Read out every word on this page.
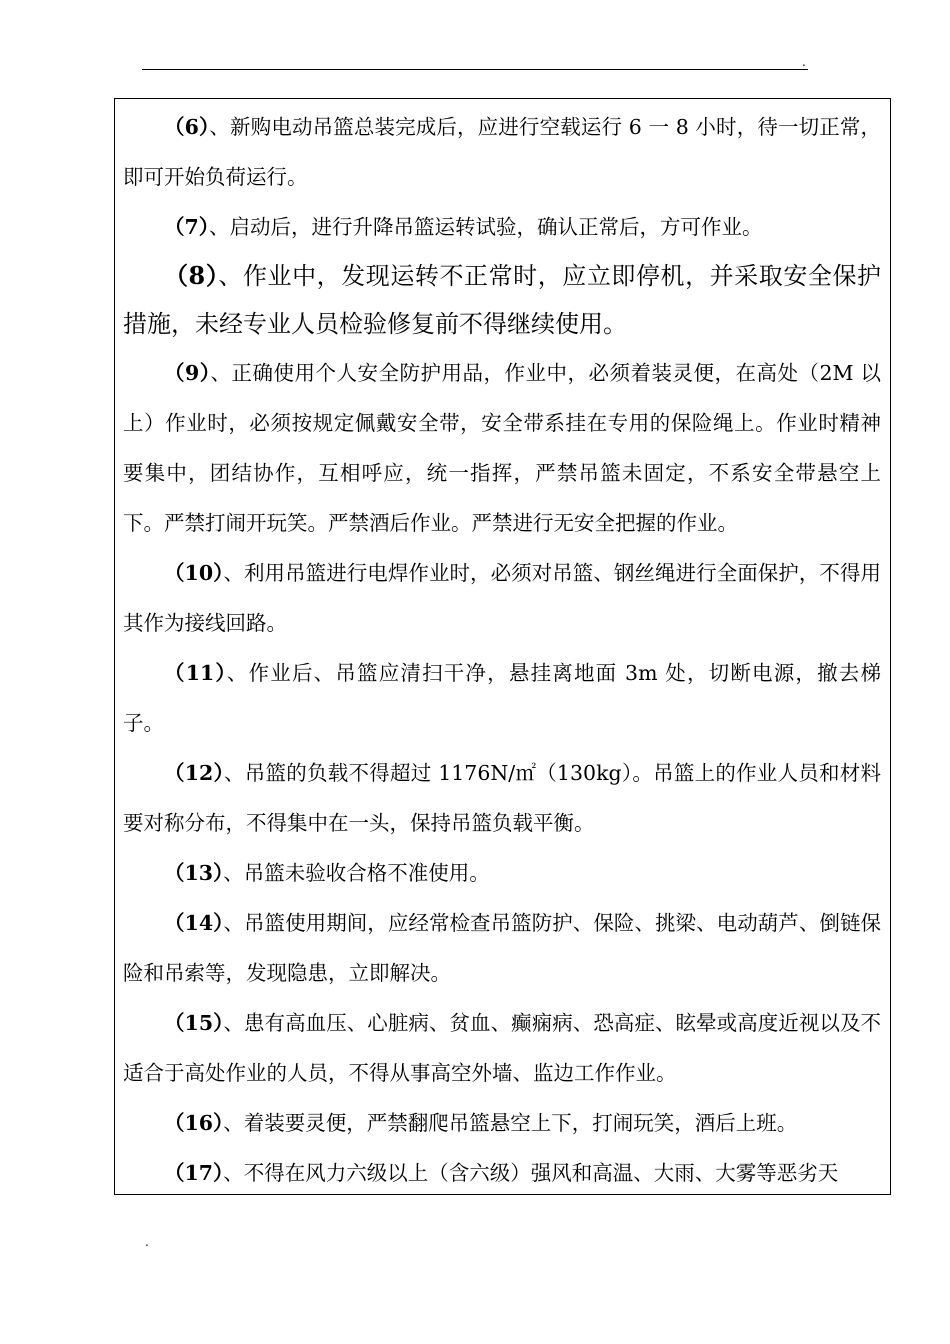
.

（6）、新购电动吊篮总装完成后，应进行空载运行 6 一 8 小时，待一切正常，即可开始负荷运行。

（7）、启动后，进行升降吊篮运转试验，确认正常后，方可作业。

（8）、作业中，发现运转不正常时，应立即停机，并采取安全保护措施，未经专业人员检验修复前不得继续使用。

（9）、正确使用个人安全防护用品，作业中，必须着装灵便，在高处（2M 以上）作业时，必须按规定佩戴安全带，安全带系挂在专用的保险绳上。作业时精神要集中，团结协作，互相呼应，统一指挥，严禁吊篮未固定，不系安全带悬空上下。严禁打闹开玩笑。严禁酒后作业。严禁进行无安全把握的作业。

（10）、利用吊篮进行电焊作业时，必须对吊篮、钢丝绳进行全面保护，不得用其作为接线回路。

（11）、作业后、吊篮应清扫干净，悬挂离地面 3m 处，切断电源，撤去梯子。

（12）、吊篮的负载不得超过 1176N/㎡（130kg）。吊篮上的作业人员和材料要对称分布，不得集中在一头，保持吊篮负载平衡。

（13）、吊篮未验收合格不准使用。

（14）、吊篮使用期间，应经常检查吊篮防护、保险、挑梁、电动葫芦、倒链保险和吊索等，发现隐患，立即解决。

（15）、患有高血压、心脏病、贫血、癫痫病、恐高症、眩晕或高度近视以及不适合于高处作业的人员，不得从事高空外墙、监边工作作业。

（16）、着装要灵便，严禁翻爬吊篮悬空上下，打闹玩笑，酒后上班。

（17）、不得在风力六级以上（含六级）强风和高温、大雨、大雾等恶劣天

.
